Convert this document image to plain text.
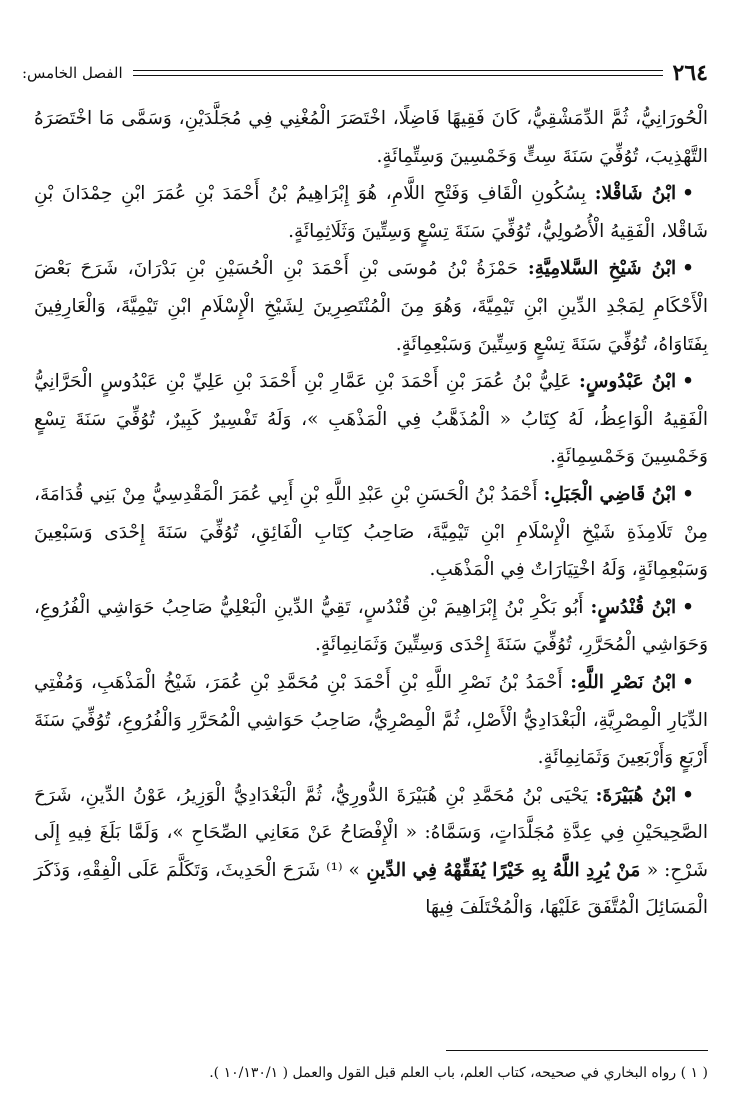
٢٦٤
الفصل الخامس:

الْحُورَانِيُّ، ثُمَّ الدِّمَشْقِيُّ، كَانَ فَقِيهًا فَاضِلًا، اخْتَصَرَ الْمُغْنِي فِي مُجَلَّدَيْنِ، وَسَمَّى مَا اخْتَصَرَهُ التَّهْذِيبَ، تُوُفِّيَ سَنَةَ سِتٍّ وَخَمْسِينَ وَسِتِّمِائَةٍ.

•ابْنُ شَاقْلا: بِسُكُونِ الْقَافِ وَفَتْحِ اللَّامِ، هُوَ إِبْرَاهِيمُ بْنُ أَحْمَدَ بْنِ عُمَرَ ابْنِ حِمْدَانَ بْنِ شَاقْلا، الْفَقِيهُ الْأُصُولِيُّ، تُوُفِّيَ سَنَةَ تِسْعٍ وَسِتِّينَ وَثَلَاثِمِائَةٍ.

•ابْنُ شَيْخِ السَّلامِيَّةِ: حَمْزَةُ بْنُ مُوسَى بْنِ أَحْمَدَ بْنِ الْحُسَيْنِ بْنِ بَدْرَانَ، شَرَحَ بَعْضَ الْأَحْكَامِ لِمَجْدِ الدِّينِ ابْنِ تَيْمِيَّةَ، وَهُوَ مِنَ الْمُنْتَصِرِينَ لِشَيْخِ الْإِسْلَامِ ابْنِ تَيْمِيَّةَ، وَالْعَارِفِينَ بِفَتَاوَاهُ، تُوُفِّيَ سَنَةَ تِسْعٍ وَسِتِّينَ وَسَبْعِمِائَةٍ.

•ابْنُ عَبْدُوسٍ: عَلِيُّ بْنُ عُمَرَ بْنِ أَحْمَدَ بْنِ عَمَّارِ بْنِ أَحْمَدَ بْنِ عَلِيِّ بْنِ عَبْدُوسٍ الْحَرَّانِيُّ الْفَقِيهُ الْوَاعِظُ، لَهُ كِتَابُ « الْمُذَهَّبُ فِي الْمَذْهَبِ »، وَلَهُ تَفْسِيرٌ كَبِيرٌ، تُوُفِّيَ سَنَةَ تِسْعٍ وَخَمْسِينَ وَخَمْسِمِائَةٍ.

•ابْنُ قَاضِي الْجَبَلِ: أَحْمَدُ بْنُ الْحَسَنِ بْنِ عَبْدِ اللَّهِ بْنِ أَبِي عُمَرَ الْمَقْدِسِيُّ مِنْ بَنِي قُدَامَةَ، مِنْ تَلَامِذَةِ شَيْخِ الْإِسْلَامِ ابْنِ تَيْمِيَّةَ، صَاحِبُ كِتَابِ الْفَائِقِ، تُوُفِّيَ سَنَةَ إِحْدَى وَسَبْعِينَ وَسَبْعِمِائَةٍ، وَلَهُ اخْتِيَارَاتٌ فِي الْمَذْهَبِ.

•ابْنُ قُنْدُسٍ: أَبُو بَكْرِ بْنُ إِبْرَاهِيمَ بْنِ قُنْدُسٍ، تَقِيُّ الدِّينِ الْبَعْلِيُّ صَاحِبُ حَوَاشِي الْفُرُوعِ، وَحَوَاشِي الْمُحَرَّرِ، تُوُفِّيَ سَنَةَ إِحْدَى وَسِتِّينَ وَثَمَانِمِائَةٍ.

•ابْنُ نَصْرِ اللَّهِ: أَحْمَدُ بْنُ نَصْرِ اللَّهِ بْنِ أَحْمَدَ بْنِ مُحَمَّدِ بْنِ عُمَرَ، شَيْخُ الْمَذْهَبِ، وَمُفْتِي الدِّيَارِ الْمِصْرِيَّةِ، الْبَغْدَادِيُّ الْأَصْلِ، ثُمَّ الْمِصْرِيُّ، صَاحِبُ حَوَاشِي الْمُحَرَّرِ وَالْفُرُوعِ، تُوُفِّيَ سَنَةَ أَرْبَعٍ وَأَرْبَعِينَ وَثَمَانِمِائَةٍ.

•ابْنُ هُبَيْرَةَ: يَحْيَى بْنُ مُحَمَّدِ بْنِ هُبَيْرَةَ الدُّورِيُّ، ثُمَّ الْبَغْدَادِيُّ الْوَزِيرُ، عَوْنُ الدِّينِ، شَرَحَ الصَّحِيحَيْنِ فِي عِدَّةِ مُجَلَّدَاتٍ، وَسَمَّاهُ: « الْإِفْصَاحُ عَنْ مَعَانِي الصِّحَاحِ »، وَلَمَّا بَلَغَ فِيهِ إِلَى شَرْحِ: « مَنْ يُرِدِ اللَّهُ بِهِ خَيْرًا يُفَقِّهْهُ فِي الدِّينِ » ⁽¹⁾ شَرَحَ الْحَدِيثَ، وَتَكَلَّمَ عَلَى الْفِقْهِ، وَذَكَرَ الْمَسَائِلَ الْمُتَّفَقَ عَلَيْهَا، وَالْمُخْتَلَفَ فِيهَا

( ١ ) رواه البخاري في صحيحه، كتاب العلم، باب العلم قبل القول والعمل ( ١٠/١٣٠/١ ).
